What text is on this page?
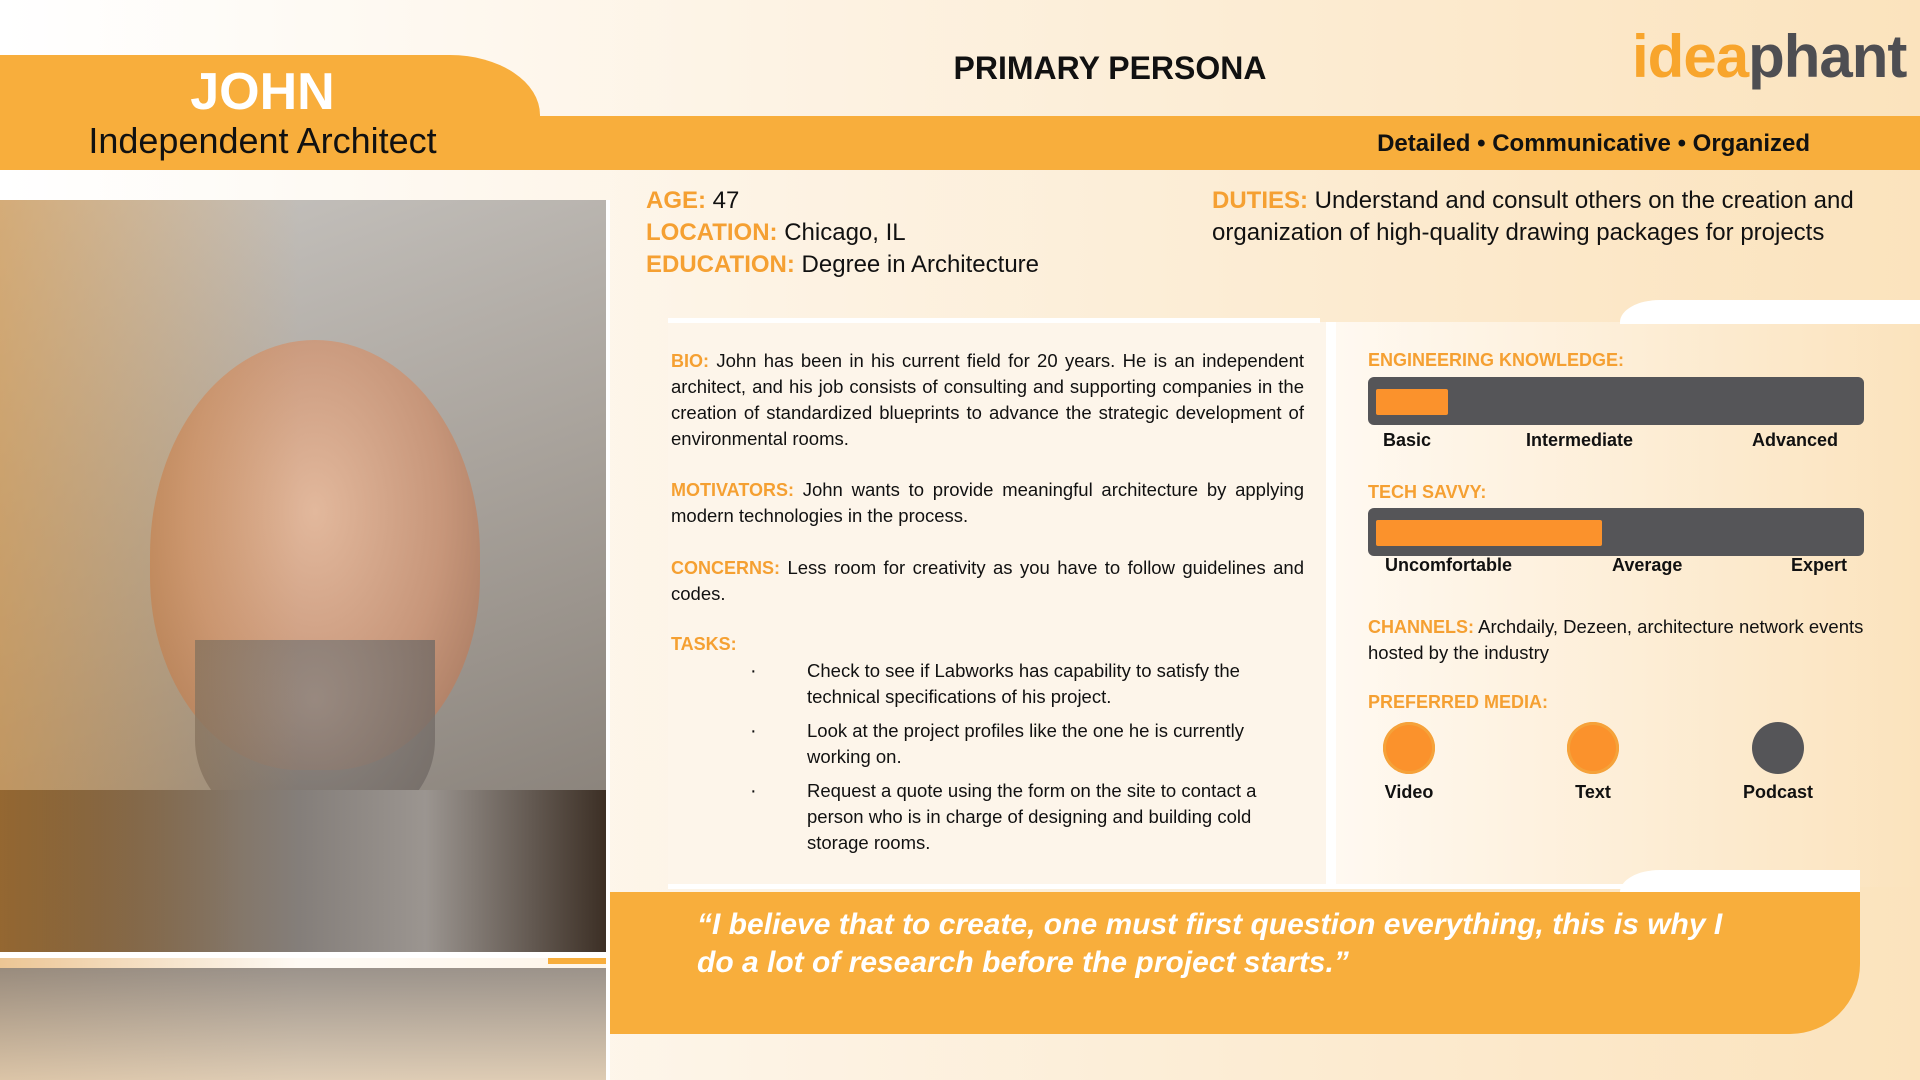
JOHN
Independent Architect
PRIMARY PERSONA	ideaphant
Detailed • Communicative • Organized
AGE: 47
LOCATION: Chicago, IL
EDUCATION: Degree in Architecture
DUTIES: Understand and consult others on the creation and organization of high-quality drawing packages for projects
BIO: John has been in his current field for 20 years. He is an independent architect, and his job consists of consulting and supporting companies in the creation of standardized blueprints to advance the strategic development of environmental rooms.
MOTIVATORS: John wants to provide meaningful architecture by applying modern technologies in the process.
CONCERNS: Less room for creativity as you have to follow guidelines and codes.
TASKS:
·	Check to see if Labworks has capability to satisfy the technical specifications of his project.
·	Look at the project profiles like the one he is currently working on.
·	Request a quote using the form on the site to contact a person who is in charge of designing and building cold storage rooms.
ENGINEERING KNOWLEDGE:
Basic	Intermediate	Advanced
TECH SAVVY:
Uncomfortable	Average	Expert
CHANNELS: Archdaily, Dezeen, architecture network events hosted by the industry
PREFERRED MEDIA:
Video	Text	Podcast
“I believe that to create, one must first question everything, this is why I do a lot of research before the project starts.”
